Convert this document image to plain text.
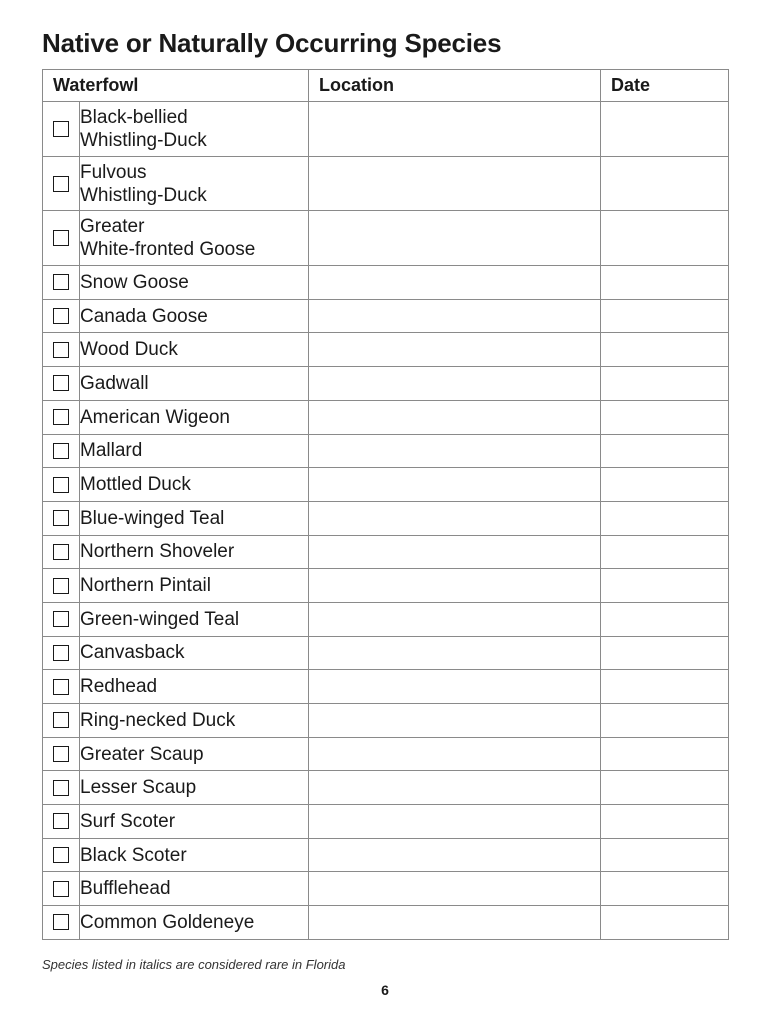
Native or Naturally Occurring Species
Waterfowl		Location	Date
	Black-bellied
Whistling-Duck		
	Fulvous
Whistling-Duck		
	Greater
White-fronted Goose		
	Snow Goose		
	Canada Goose		
	Wood Duck		
	Gadwall		
	American Wigeon		
	Mallard		
	Mottled Duck		
	Blue-winged Teal		
	Northern Shoveler		
	Northern Pintail		
	Green-winged Teal		
	Canvasback		
	Redhead		
	Ring-necked Duck		
	Greater Scaup		
	Lesser Scaup		
	Surf Scoter		
	Black Scoter		
	Bufflehead		
	Common Goldeneye		

Species listed in italics are considered rare in Florida

6
